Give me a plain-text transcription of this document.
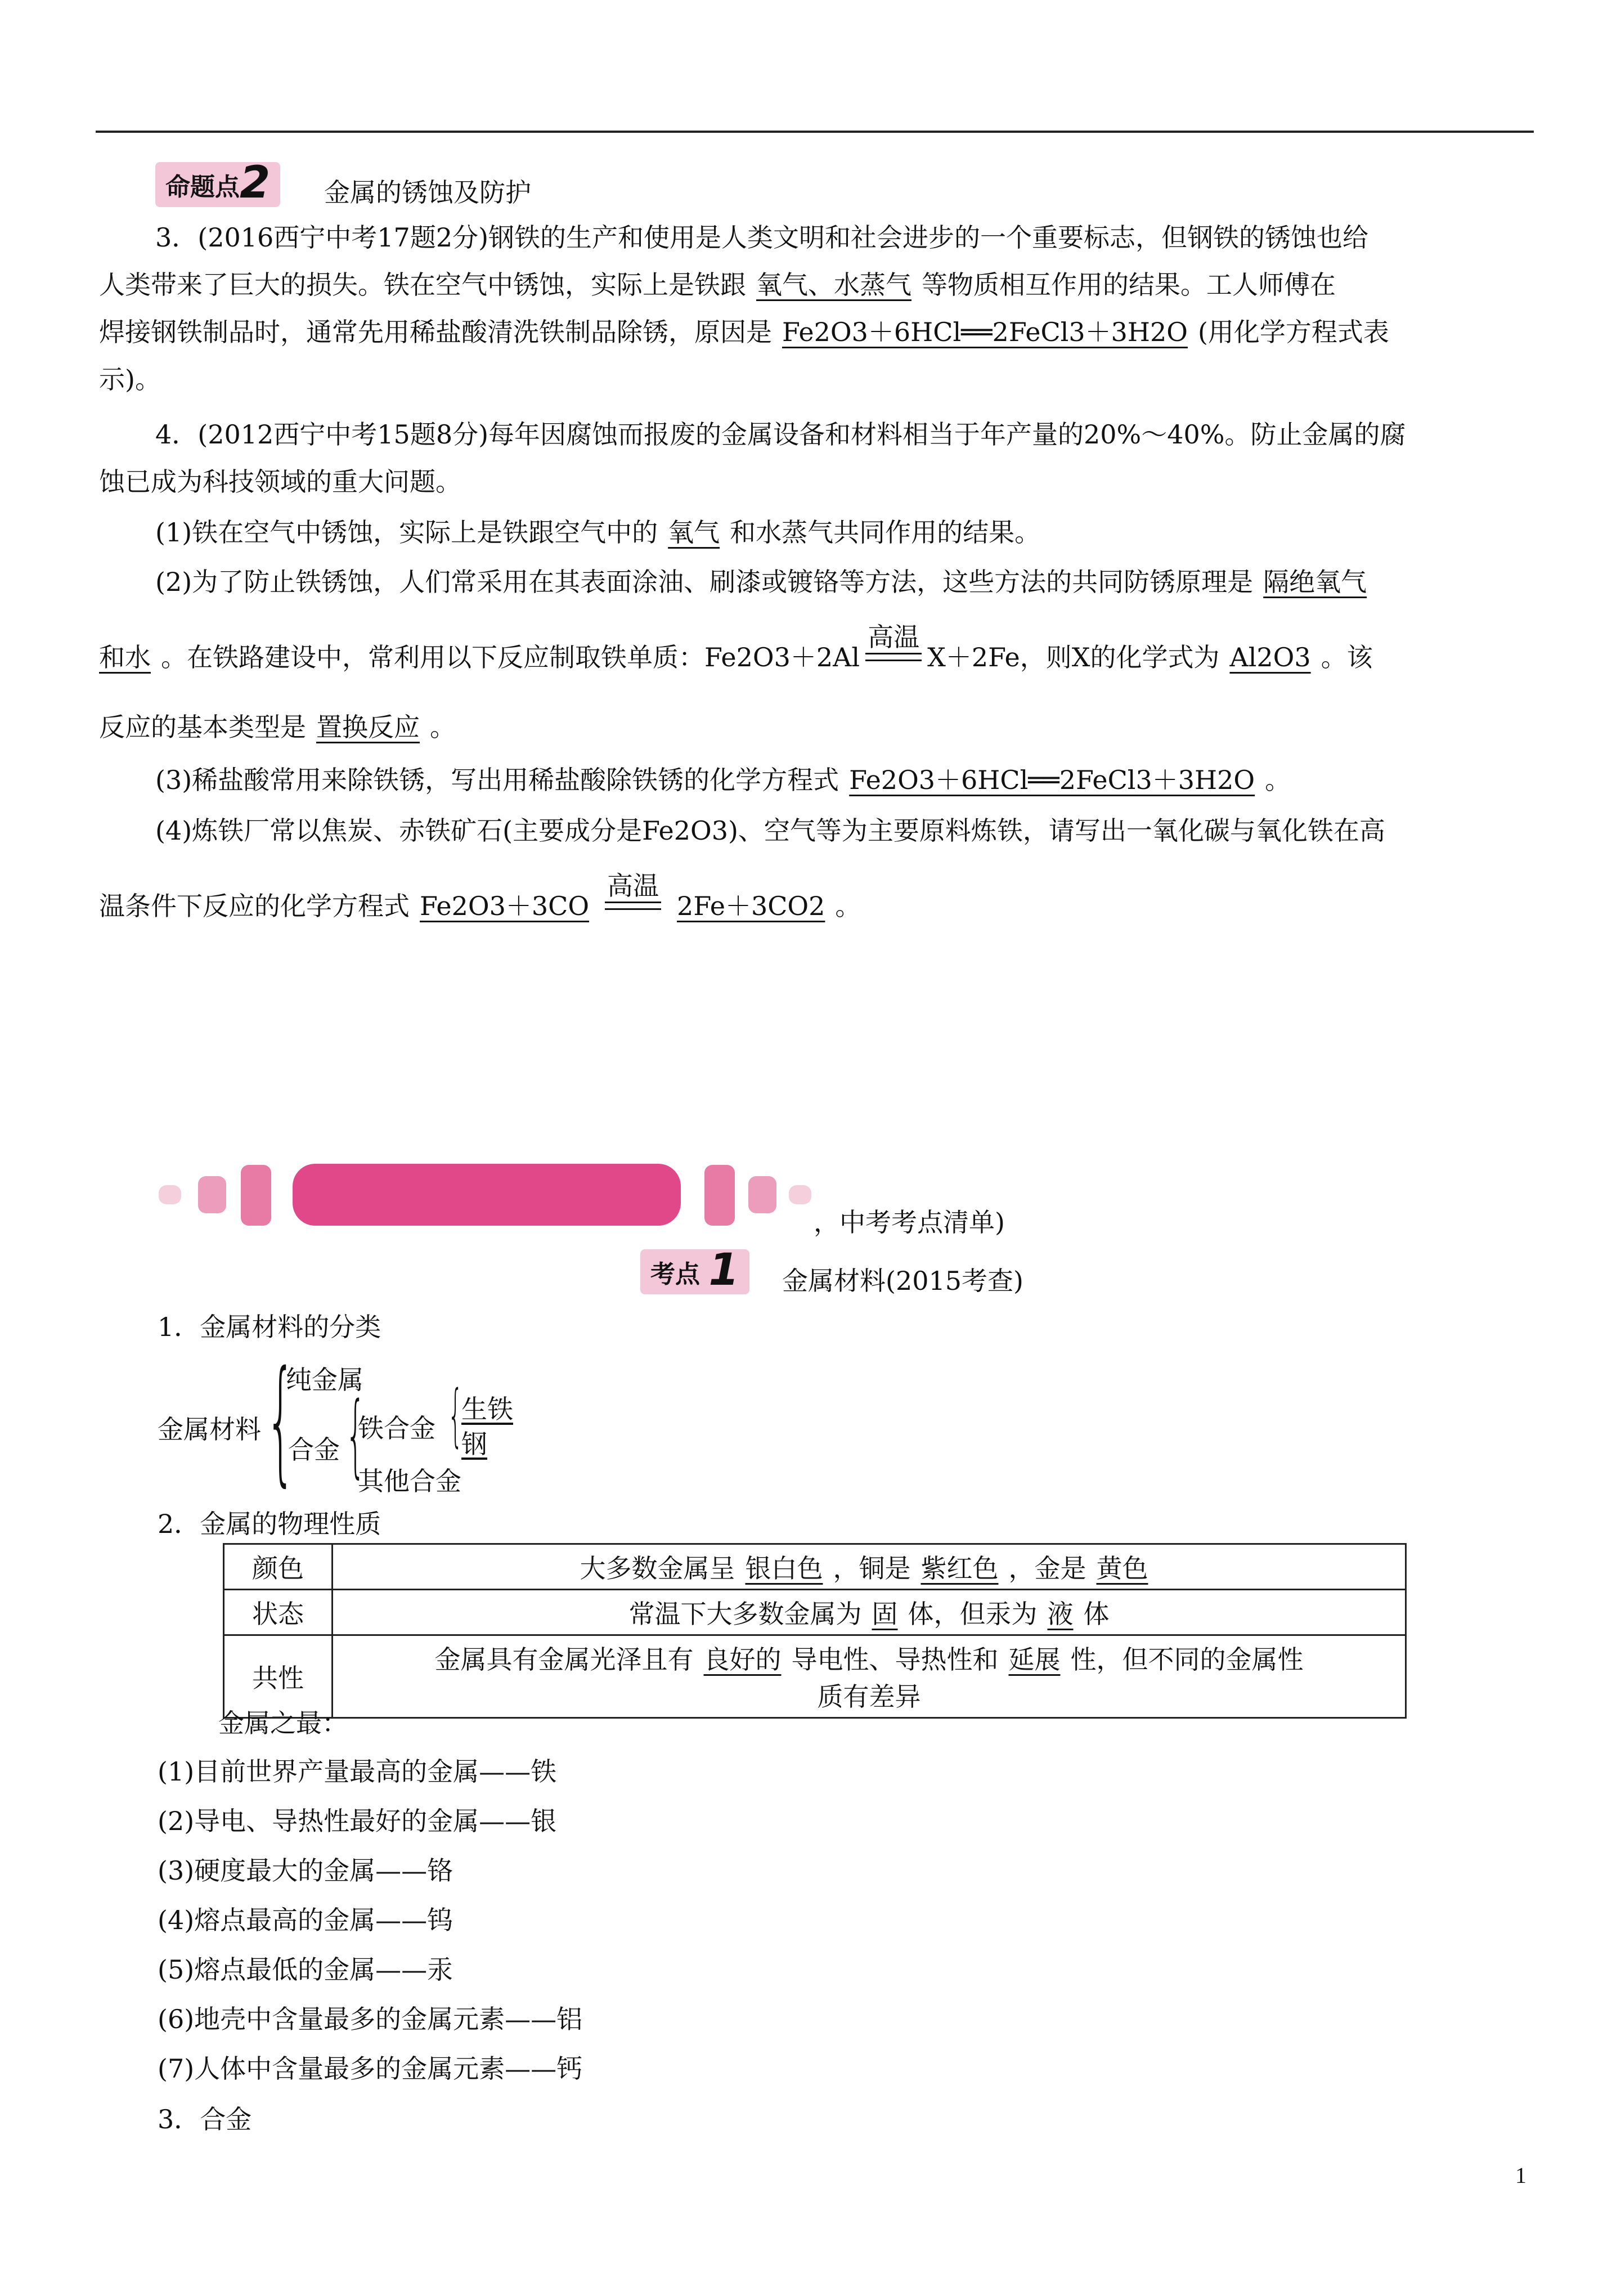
命题点2	金属的锈蚀及防护
3．(2016西宁中考17题2分)钢铁的生产和使用是人类文明和社会进步的一个重要标志，但钢铁的锈蚀也给
人类带来了巨大的损失。铁在空气中锈蚀，实际上是铁跟 氧气、水蒸气 等物质相互作用的结果。工人师傅在
焊接钢铁制品时，通常先用稀盐酸清洗铁制品除锈，原因是 Fe2O3＋6HCl══2FeCl3＋3H2O (用化学方程式表
示)。
4．(2012西宁中考15题8分)每年因腐蚀而报废的金属设备和材料相当于年产量的20%～40%。防止金属的腐
蚀已成为科技领域的重大问题。
(1)铁在空气中锈蚀，实际上是铁跟空气中的 氧气 和水蒸气共同作用的结果。
(2)为了防止铁锈蚀，人们常采用在其表面涂油、刷漆或镀铬等方法，这些方法的共同防锈原理是 隔绝氧气
和水 。在铁路建设中，常利用以下反应制取铁单质：Fe2O3＋2Al
高温
X＋2Fe，则X的化学式为 Al2O3 。该
反应的基本类型是 置换反应 。
(3)稀盐酸常用来除铁锈，写出用稀盐酸除铁锈的化学方程式 Fe2O3＋6HCl══2FeCl3＋3H2O 。
(4)炼铁厂常以焦炭、赤铁矿石(主要成分是Fe2O3)、空气等为主要原料炼铁，请写出一氧化碳与氧化铁在高
温条件下反应的化学方程式 Fe2O3＋3CO
高温
2Fe＋3CO2 。
，中考考点清单)
考点 1	金属材料(2015考查)
1．金属材料的分类
金属材料 {
纯金属
合金 {
铁合金 {
生铁
钢
其他合金
2．金属的物理性质
颜色	大多数金属呈 银白色 ，铜是 紫红色 ，金是 黄色
状态	常温下大多数金属为 固 体，但汞为 液 体
共性	金属具有金属光泽且有 良好的 导电性、导热性和 延展 性，但不同的金属性
质有差异
金属之最：
(1)目前世界产量最高的金属——铁
(2)导电、导热性最好的金属——银
(3)硬度最大的金属——铬
(4)熔点最高的金属——钨
(5)熔点最低的金属——汞
(6)地壳中含量最多的金属元素——铝
(7)人体中含量最多的金属元素——钙
3．合金
1
